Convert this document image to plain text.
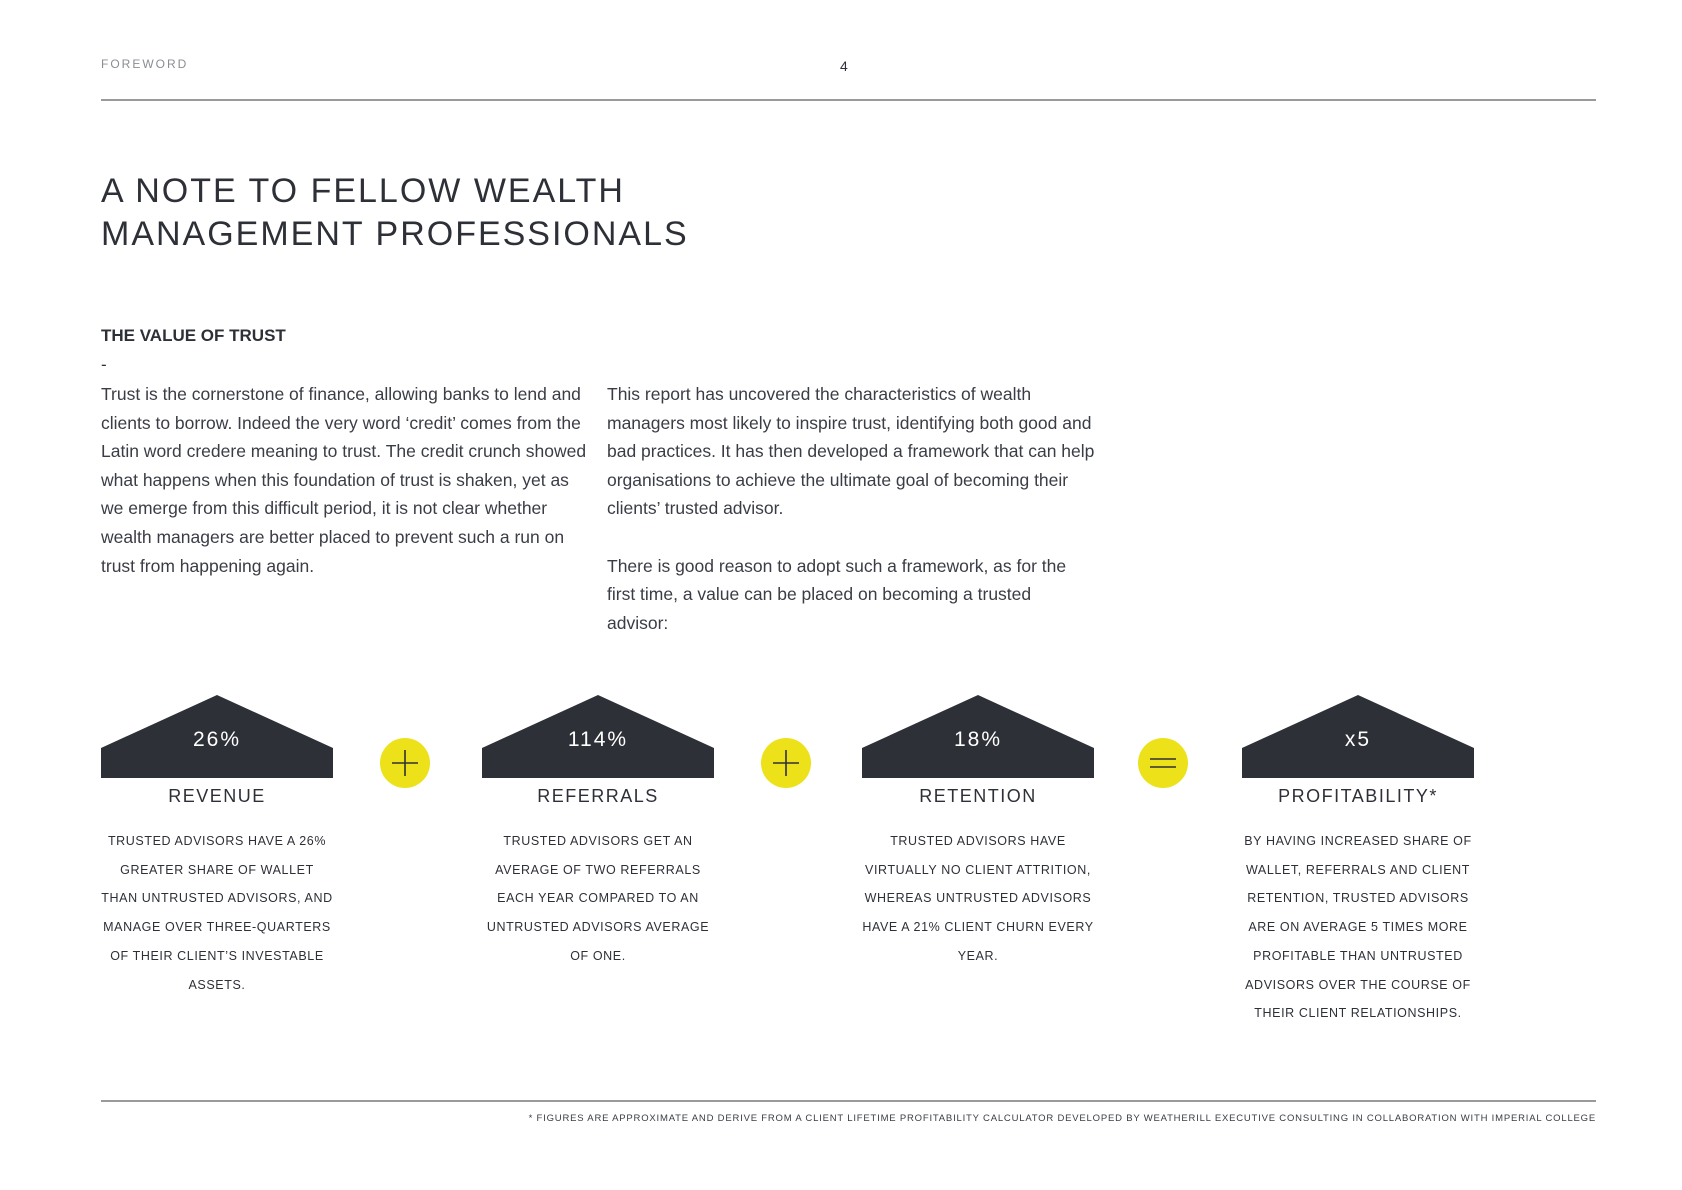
FOREWORD	4
A NOTE TO FELLOW WEALTH MANAGEMENT PROFESSIONALS
THE VALUE OF TRUST
-

Trust is the cornerstone of finance, allowing banks to lend and clients to borrow. Indeed the very word ‘credit’ comes from the Latin word credere meaning to trust. The credit crunch showed what happens when this foundation of trust is shaken, yet as we emerge from this difficult period, it is not clear whether wealth managers are better placed to prevent such a run on trust from happening again.

This report has uncovered the characteristics of wealth managers most likely to inspire trust, identifying both good and bad practices. It has then developed a framework that can help organisations to achieve the ultimate goal of becoming their clients’ trusted advisor.

There is good reason to adopt such a framework, as for the first time, a value can be placed on becoming a trusted advisor:

26%
REVENUE
TRUSTED ADVISORS HAVE A 26% GREATER SHARE OF WALLET THAN UNTRUSTED ADVISORS, AND MANAGE OVER THREE-QUARTERS OF THEIR CLIENT’S INVESTABLE ASSETS.
114%
REFERRALS
TRUSTED ADVISORS GET AN AVERAGE OF TWO REFERRALS EACH YEAR COMPARED TO AN UNTRUSTED ADVISORS AVERAGE OF ONE.
18%
RETENTION
TRUSTED ADVISORS HAVE VIRTUALLY NO CLIENT ATTRITION, WHEREAS UNTRUSTED ADVISORS HAVE A 21% CLIENT CHURN EVERY YEAR.
x5
PROFITABILITY*
BY HAVING INCREASED SHARE OF WALLET, REFERRALS AND CLIENT RETENTION, TRUSTED ADVISORS ARE ON AVERAGE 5 TIMES MORE PROFITABLE THAN UNTRUSTED ADVISORS OVER THE COURSE OF THEIR CLIENT RELATIONSHIPS.
* FIGURES ARE APPROXIMATE AND DERIVE FROM A CLIENT LIFETIME PROFITABILITY CALCULATOR DEVELOPED BY WEATHERILL EXECUTIVE CONSULTING IN COLLABORATION WITH IMPERIAL COLLEGE
